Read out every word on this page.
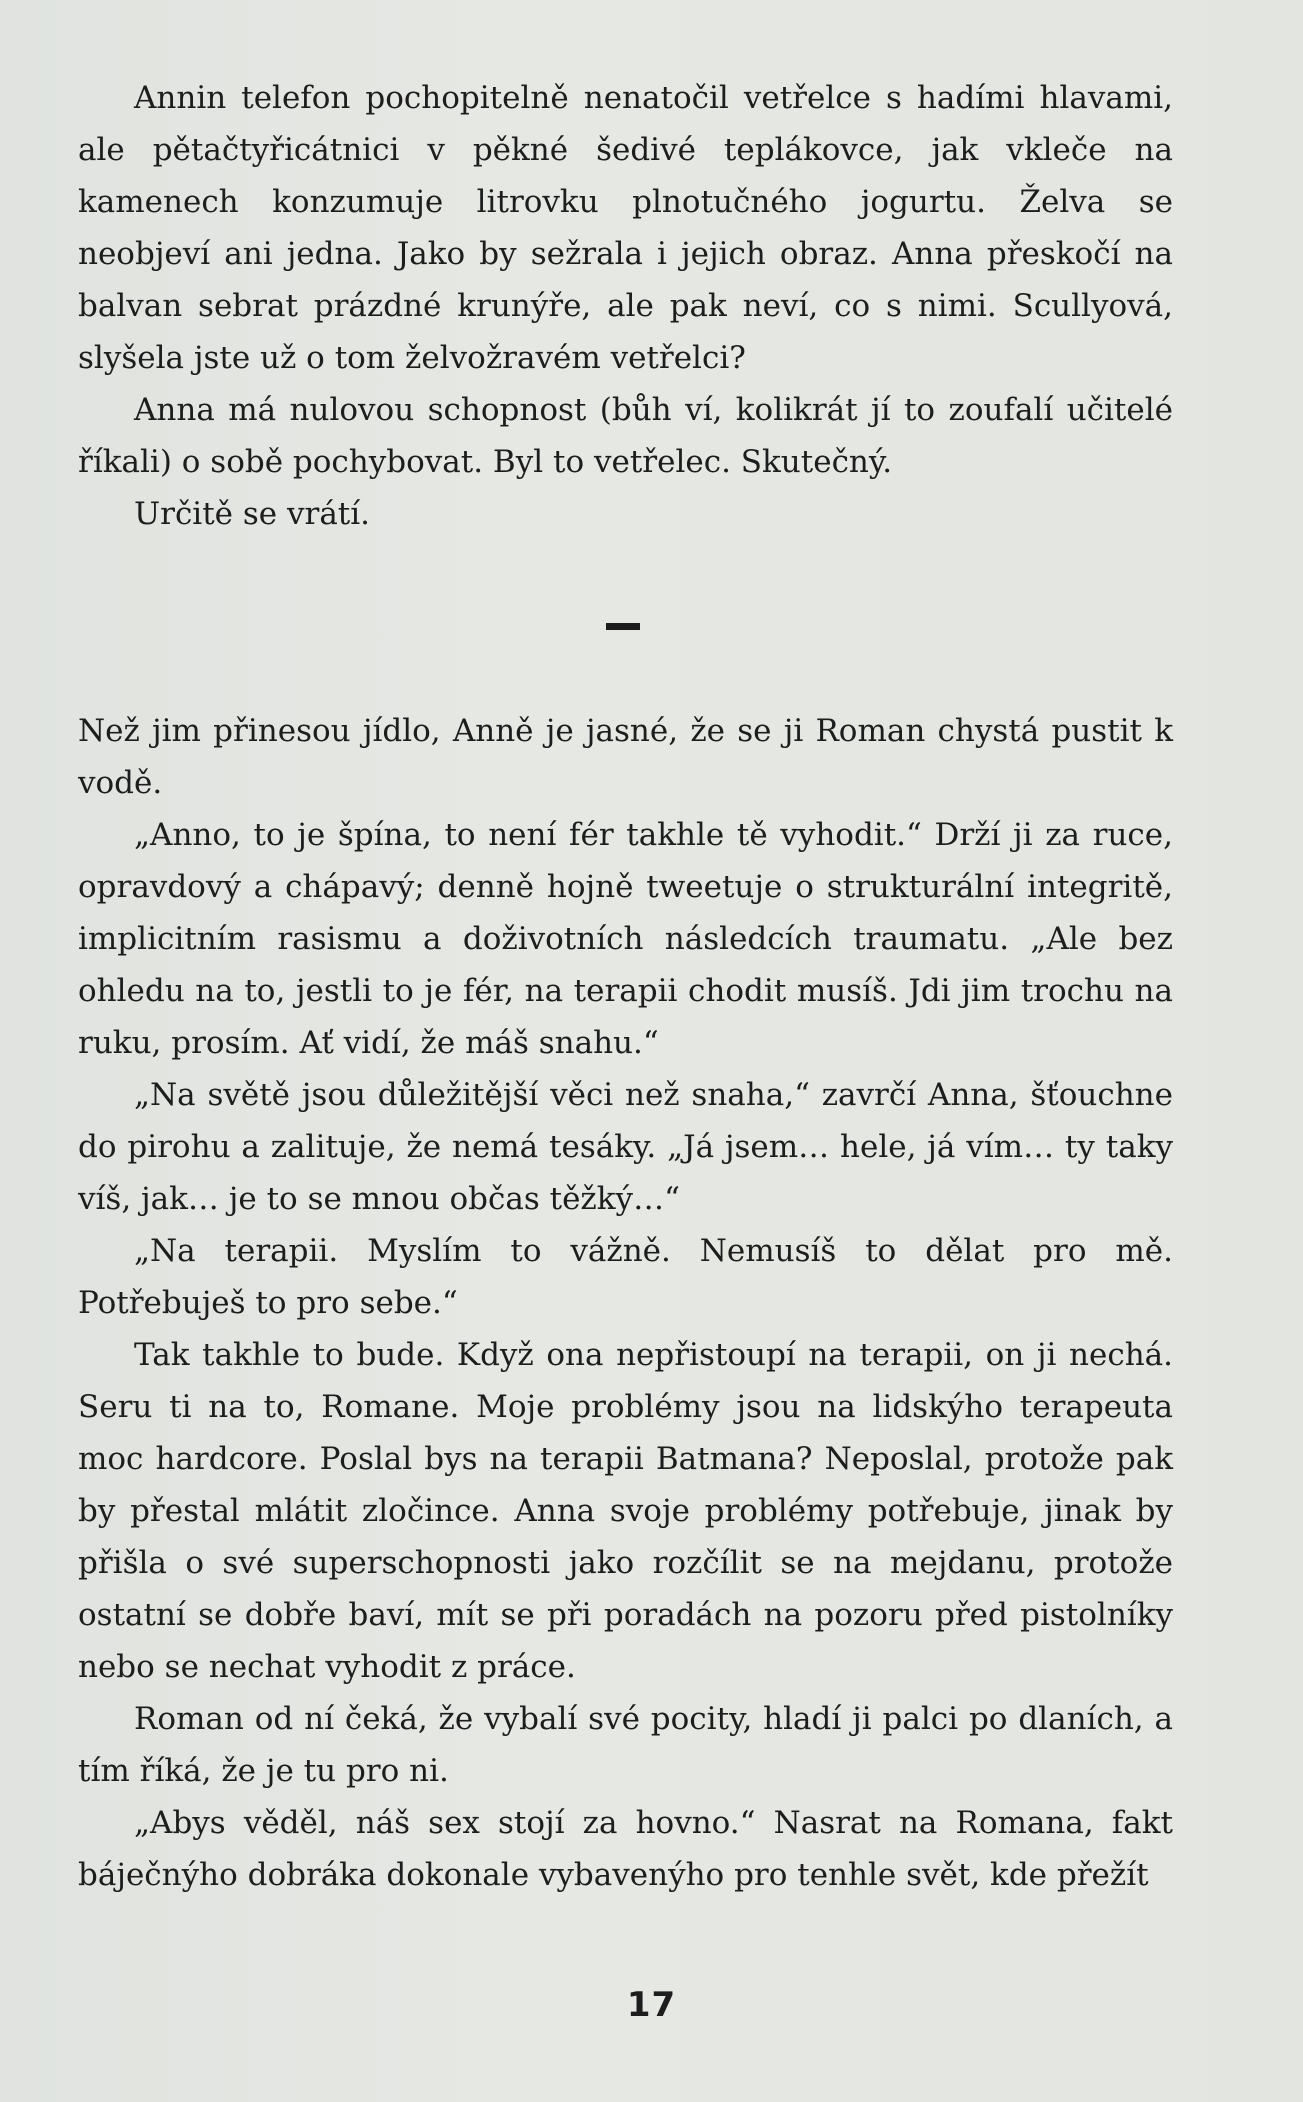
Annin telefon pochopitelně nenatočil vetřelce s hadími hlavami, ale pětačtyřicátnici v pěkné šedivé teplákovce, jak vkleče na kamenech konzumuje litrovku plnotučného jogurtu. Želva se neobjeví ani jedna. Jako by sežrala i jejich obraz. Anna přeskočí na balvan sebrat prázdné krunýře, ale pak neví, co s nimi. Scullyová, slyšela jste už o tom želvožravém vetřelci?

Anna má nulovou schopnost (bůh ví, kolikrát jí to zoufalí učitelé říkali) o sobě pochybovat. Byl to vetřelec. Skutečný.

Určitě se vrátí.

Než jim přinesou jídlo, Anně je jasné, že se ji Roman chystá pustit k vodě.

„Anno, to je špína, to není fér takhle tě vyhodit.“ Drží ji za ruce, opravdový a chápavý; denně hojně tweetuje o strukturální integritě, implicitním rasismu a doživotních následcích traumatu. „Ale bez ohledu na to, jestli to je fér, na terapii chodit musíš. Jdi jim trochu na ruku, prosím. Ať vidí, že máš snahu.“

„Na světě jsou důležitější věci než snaha,“ zavrčí Anna, šťouchne do pirohu a zalituje, že nemá tesáky. „Já jsem… hele, já vím… ty taky víš, jak… je to se mnou občas těžký…“

„Na terapii. Myslím to vážně. Nemusíš to dělat pro mě. Potřebuješ to pro sebe.“

Tak takhle to bude. Když ona nepřistoupí na terapii, on ji nechá. Seru ti na to, Romane. Moje problémy jsou na lidskýho terapeuta moc hardcore. Poslal bys na terapii Batmana? Neposlal, protože pak by přestal mlátit zločince. Anna svoje problémy potřebuje, jinak by přišla o své superschopnosti jako rozčílit se na mejdanu, protože ostatní se dobře baví, mít se při poradách na pozoru před pistolníky nebo se nechat vyhodit z práce.

Roman od ní čeká, že vybalí své pocity, hladí ji palci po dlaních, a tím říká, že je tu pro ni.

„Abys věděl, náš sex stojí za hovno.“ Nasrat na Romana, fakt báječnýho dobráka dokonale vybavenýho pro tenhle svět, kde přežít

17
